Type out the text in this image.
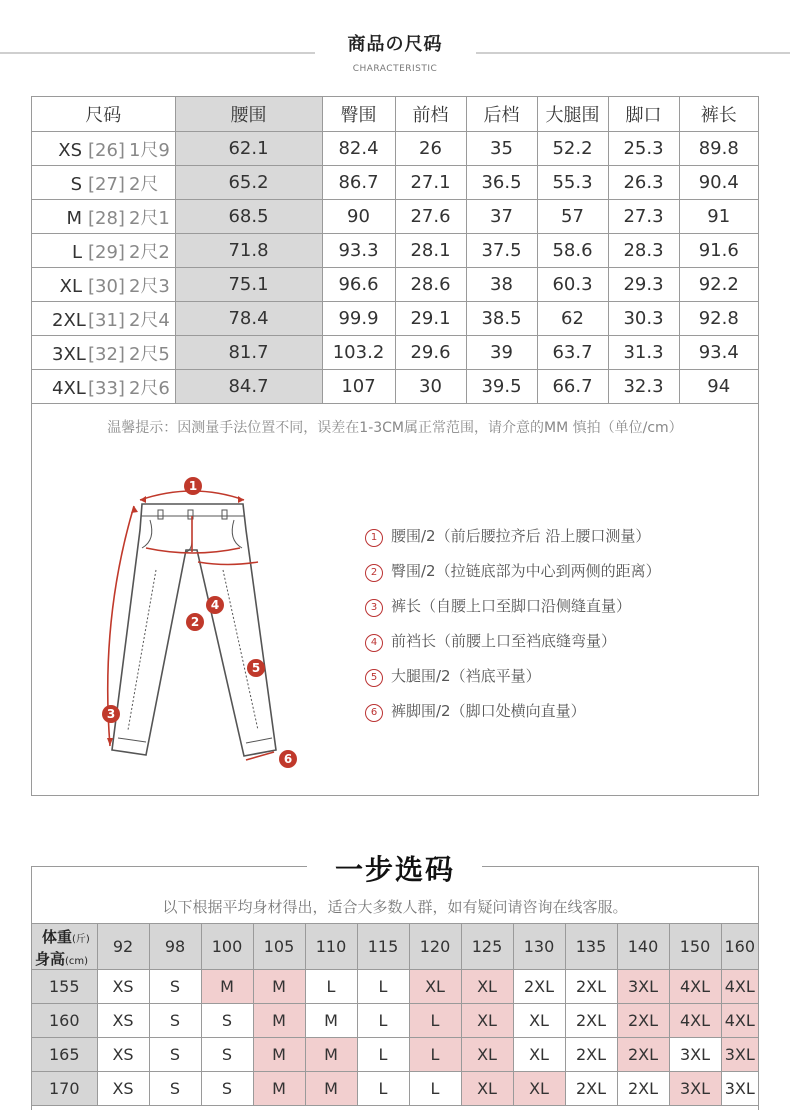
商品の尺码
CHARACTERISTIC
尺码	腰围	臀围	前档	后档	大腿围	脚口	裤长
XS [26] 1尺9	62.1	82.4	26	35	52.2	25.3	89.8
S [27] 2尺	65.2	86.7	27.1	36.5	55.3	26.3	90.4
M [28] 2尺1	68.5	90	27.6	37	57	27.3	91
L [29] 2尺2	71.8	93.3	28.1	37.5	58.6	28.3	91.6
XL [30] 2尺3	75.1	96.6	28.6	38	60.3	29.3	92.2
2XL [31] 2尺4	78.4	99.9	29.1	38.5	62	30.3	92.8
3XL [32] 2尺5	81.7	103.2	29.6	39	63.7	31.3	93.4
4XL [33] 2尺6	84.7	107	30	39.5	66.7	32.3	94
温馨提示：因测量手法位置不同，误差在1-3CM属正常范围，请介意的MM 慎拍（单位/cm）
1
2
3
4
5
6
1 腰围/2（前后腰拉齐后 沿上腰口测量）
2 臀围/2（拉链底部为中心到两侧的距离）
3 裤长（自腰上口至脚口沿侧缝直量）
4 前裆长（前腰上口至裆底缝弯量）
5 大腿围/2（裆底平量）
6 裤脚围/2（脚口处横向直量）
一步选码
以下根据平均身材得出，适合大多数人群，如有疑问请咨询在线客服。
体重(斤)
身高(cm)	92	98	100	105	110	115	120	125	130	135	140	150	160
155	XS	S	M	M	L	L	XL	XL	2XL	2XL	3XL	4XL	4XL
160	XS	S	S	M	M	L	L	XL	XL	2XL	2XL	4XL	4XL
165	XS	S	S	M	M	L	L	XL	XL	2XL	2XL	3XL	3XL
170	XS	S	S	M	M	L	L	XL	XL	2XL	2XL	3XL	3XL
